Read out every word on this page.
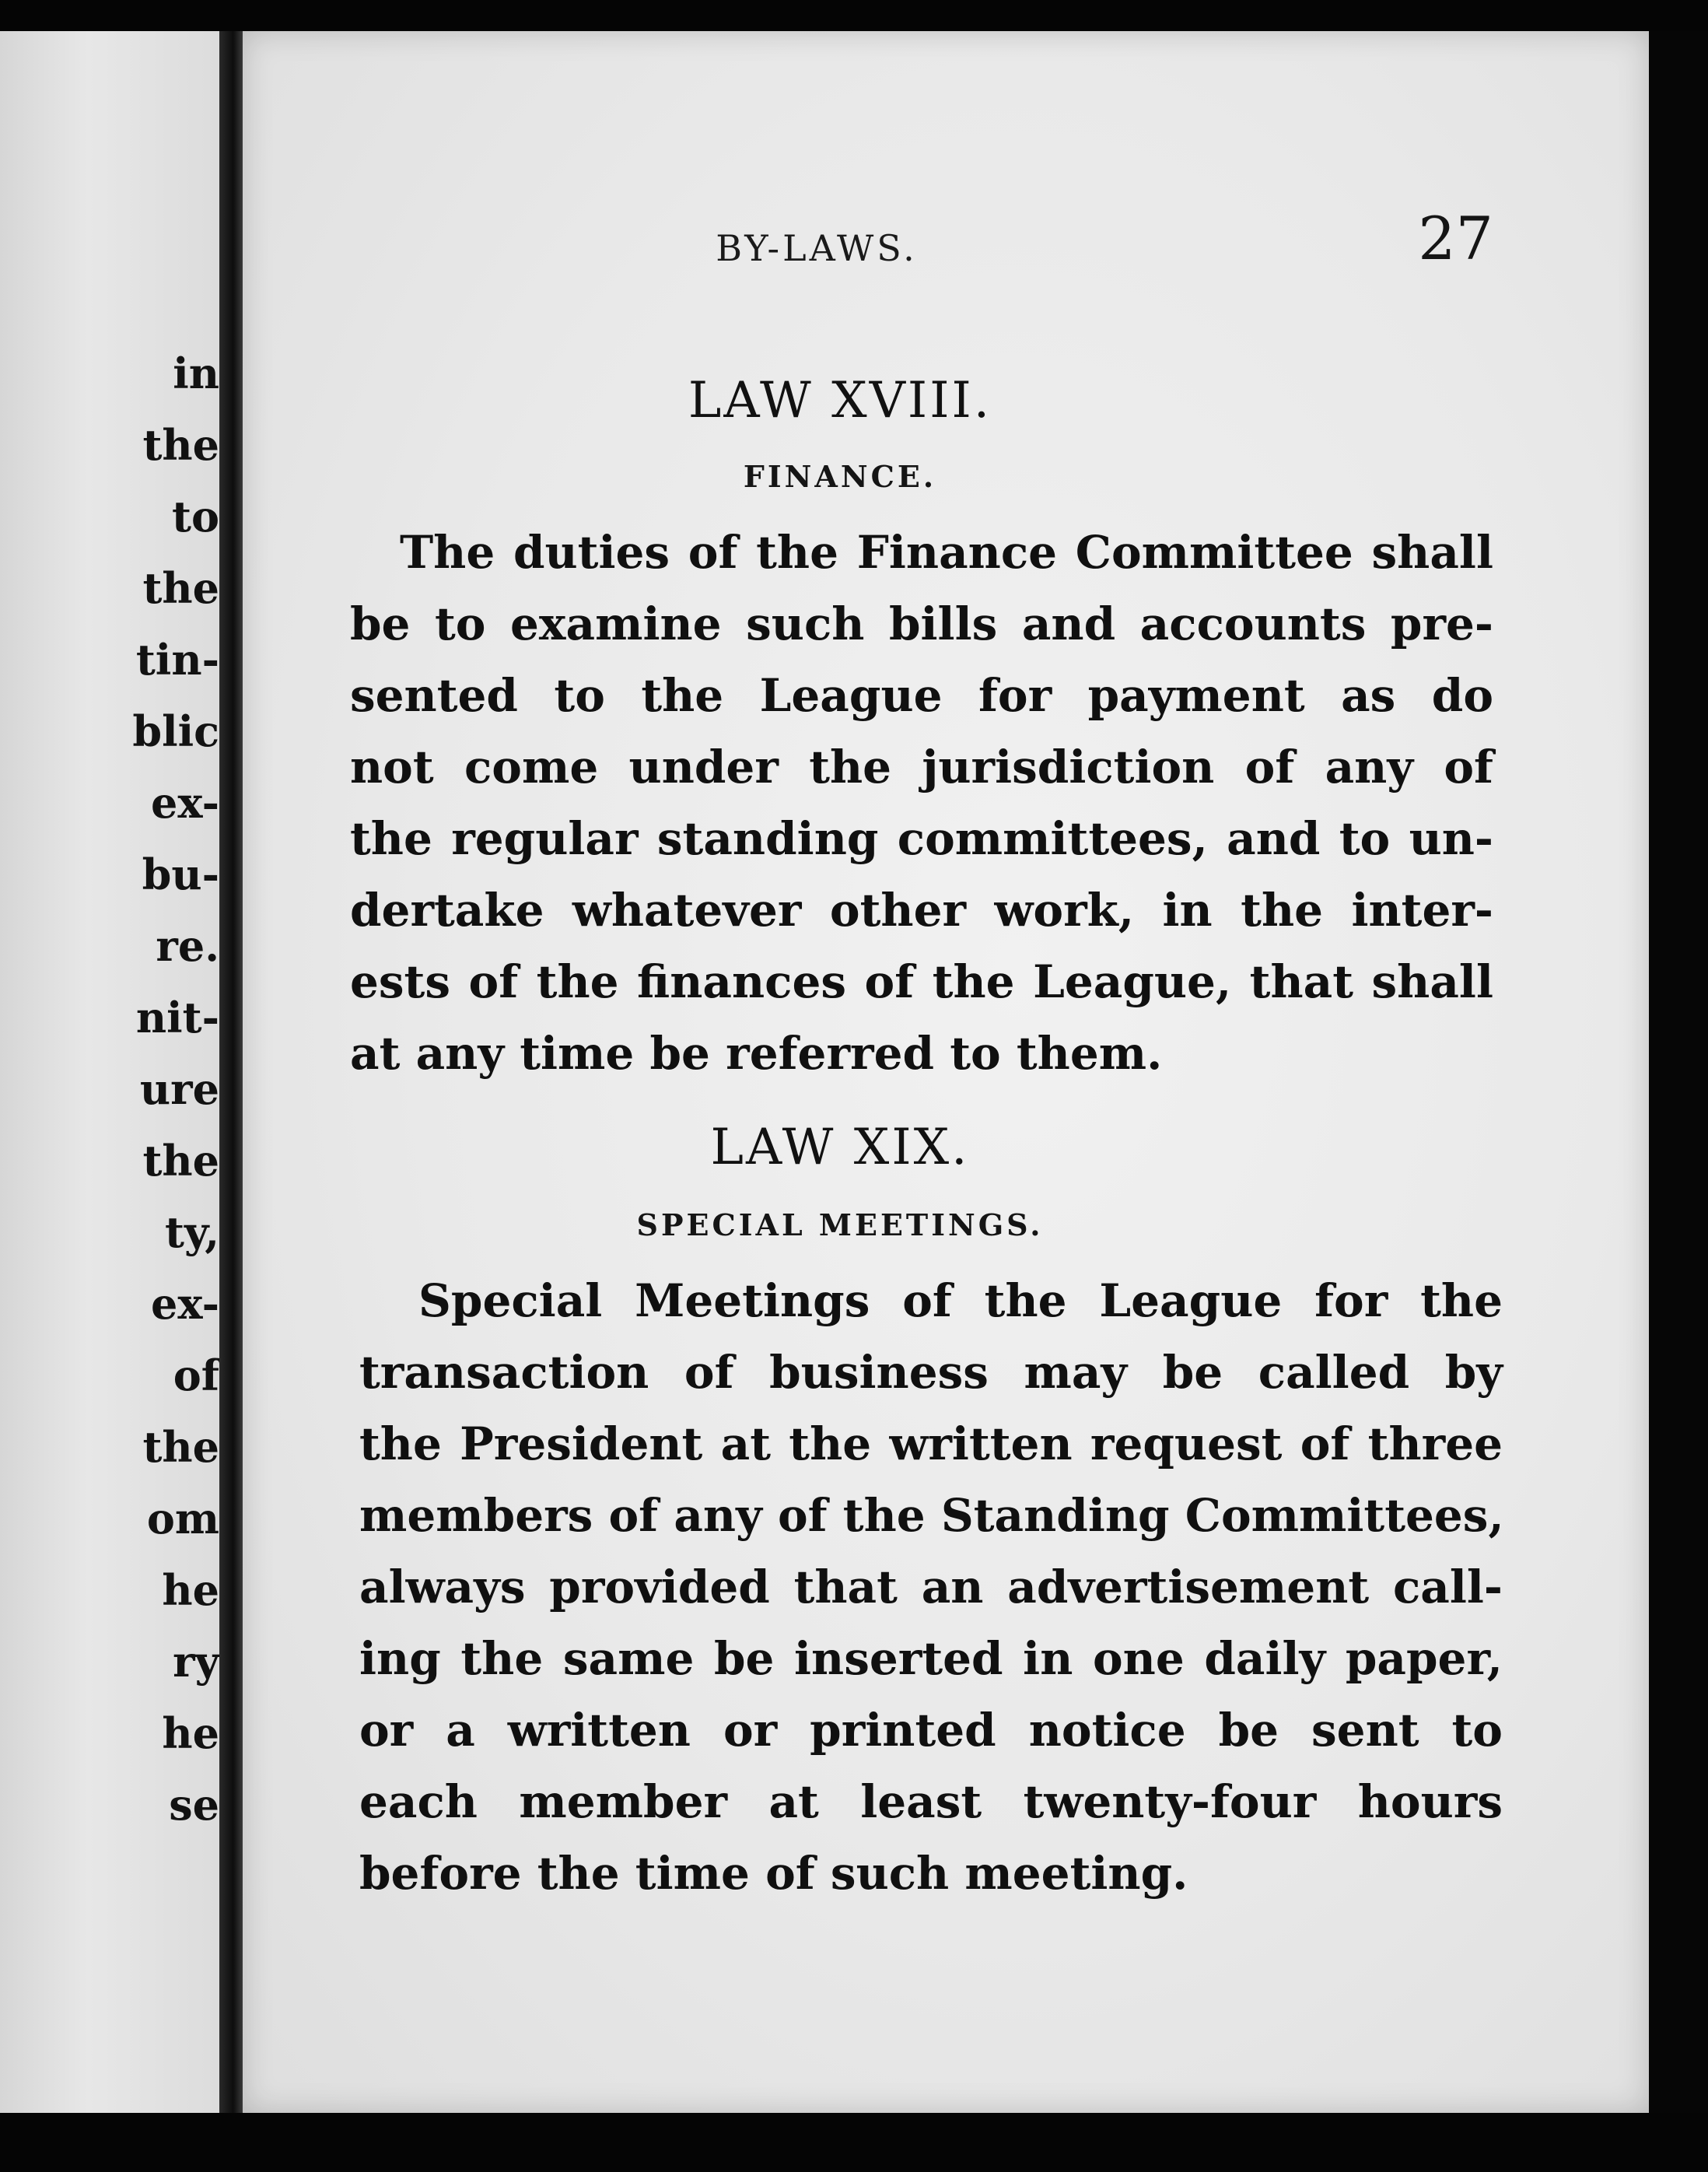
in
the
to
the
tin-
blic
ex-
bu-
re.
nit-
ure
the
ty,
ex-
of
the
om
he
ry
he
se
BY-LAWS.	27
LAW XVIII.
FINANCE.
The duties of the Finance Committee shall
be to examine such bills and accounts pre-
sented to the League for payment as do
not come under the jurisdiction of any of
the regular standing committees, and to un-
dertake whatever other work, in the inter-
ests of the finances of the League, that shall
at any time be referred to them.
LAW XIX.
SPECIAL MEETINGS.
Special Meetings of the League for the
transaction of business may be called by
the President at the written request of three
members of any of the Standing Committees,
always provided that an advertisement call-
ing the same be inserted in one daily paper,
or a written or printed notice be sent to
each member at least twenty-four hours
before the time of such meeting.
